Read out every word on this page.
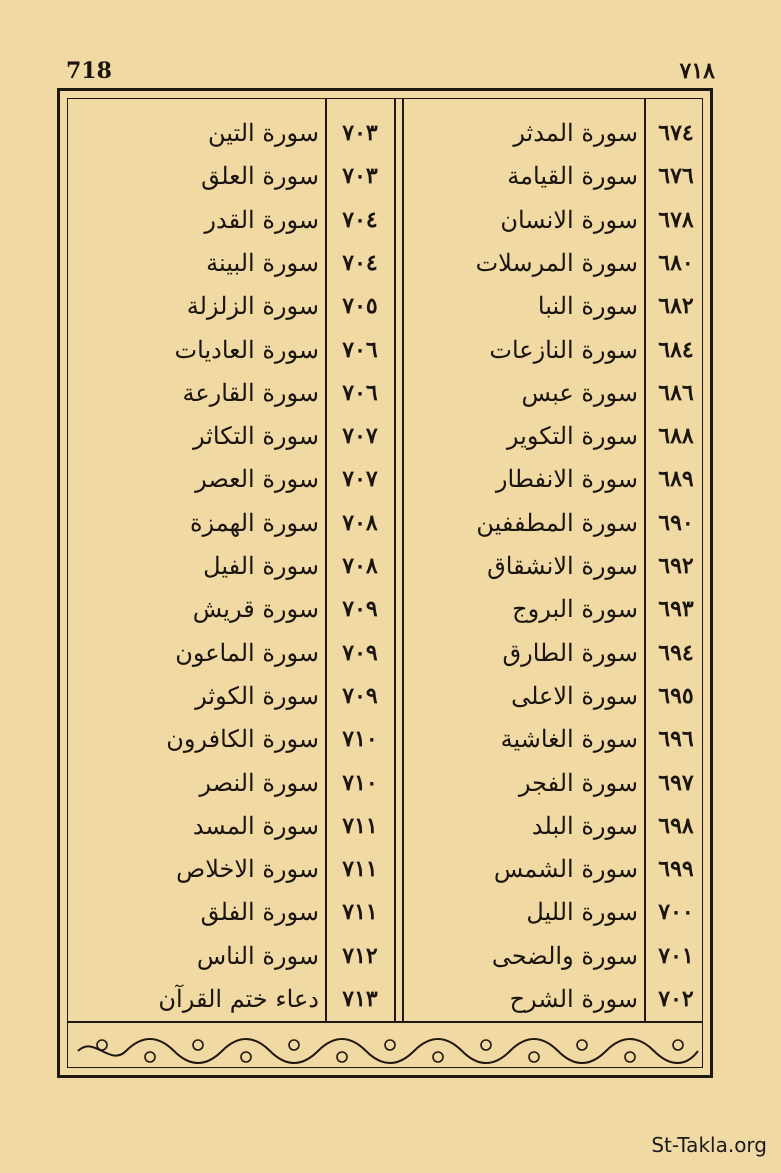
718	٧١٨
٧٠٣
سورة التين
٧٠٣
سورة العلق
٧٠٤
سورة القدر
٧٠٤
سورة البينة
٧٠٥
سورة الزلزلة
٧٠٦
سورة العاديات
٧٠٦
سورة القارعة
٧٠٧
سورة التكاثر
٧٠٧
سورة العصر
٧٠٨
سورة الهمزة
٧٠٨
سورة الفيل
٧٠٩
سورة قريش
٧٠٩
سورة الماعون
٧٠٩
سورة الكوثر
٧١٠
سورة الكافرون
٧١٠
سورة النصر
٧١١
سورة المسد
٧١١
سورة الاخلاص
٧١١
سورة الفلق
٧١٢
سورة الناس
٧١٣
دعاء ختم القرآن
٦٧٤
سورة المدثر
٦٧٦
سورة القيامة
٦٧٨
سورة الانسان
٦٨٠
سورة المرسلات
٦٨٢
سورة النبا
٦٨٤
سورة النازعات
٦٨٦
سورة عبس
٦٨٨
سورة التكوير
٦٨٩
سورة الانفطار
٦٩٠
سورة المطففين
٦٩٢
سورة الانشقاق
٦٩٣
سورة البروج
٦٩٤
سورة الطارق
٦٩٥
سورة الاعلى
٦٩٦
سورة الغاشية
٦٩٧
سورة الفجر
٦٩٨
سورة البلد
٦٩٩
سورة الشمس
٧٠٠
سورة الليل
٧٠١
سورة والضحى
٧٠٢
سورة الشرح
St-Takla.org
